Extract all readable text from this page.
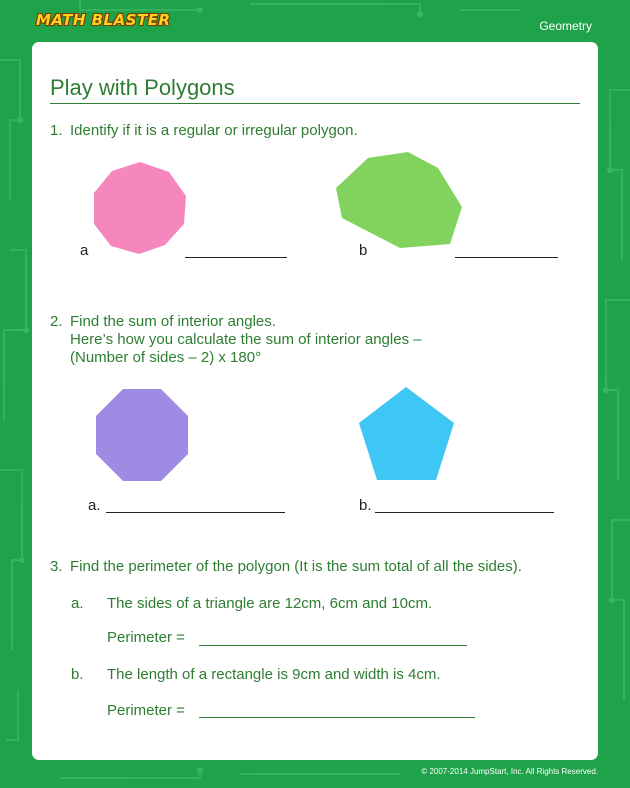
MATH BLASTER	Geometry
Play with Polygons
1. Identify if it is a regular or irregular polygon.
a	b
2. Find the sum of interior angles.
Here’s how you calculate the sum of interior angles –
(Number of sides – 2) x 180°
a.	b.
3. Find the perimeter of the polygon (It is the sum total of all the sides).
a. The sides of a triangle are 12cm, 6cm and 10cm.
Perimeter =
b. The length of a rectangle is 9cm and width is 4cm.
Perimeter =
© 2007-2014 JumpStart, Inc. All Rights Reserved.
